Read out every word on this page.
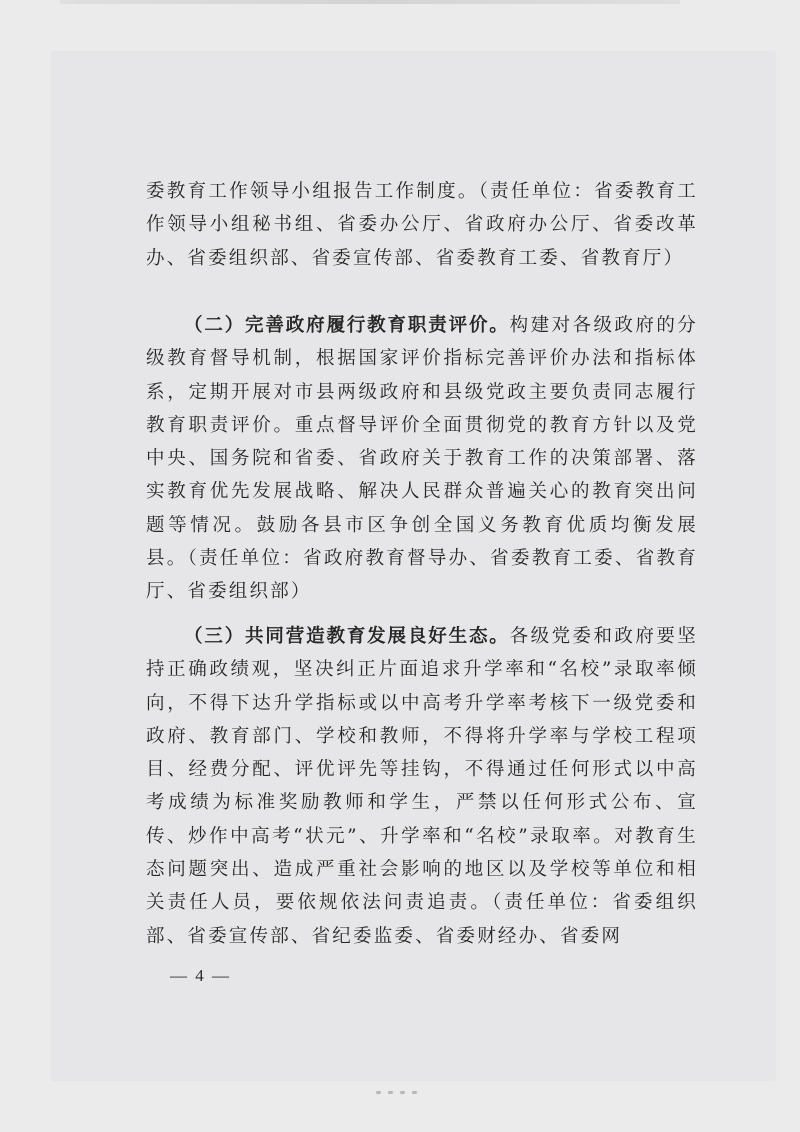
委教育工作领导小组报告工作制度。（责任单位：省委教育工作领导小组秘书组、省委办公厅、省政府办公厅、省委改革办、省委组织部、省委宣传部、省委教育工委、省教育厅）

（二）完善政府履行教育职责评价。构建对各级政府的分级教育督导机制，根据国家评价指标完善评价办法和指标体系，定期开展对市县两级政府和县级党政主要负责同志履行教育职责评价。重点督导评价全面贯彻党的教育方针以及党中央、国务院和省委、省政府关于教育工作的决策部署、落实教育优先发展战略、解决人民群众普遍关心的教育突出问题等情况。鼓励各县市区争创全国义务教育优质均衡发展县。（责任单位：省政府教育督导办、省委教育工委、省教育厅、省委组织部）

（三）共同营造教育发展良好生态。各级党委和政府要坚持正确政绩观，坚决纠正片面追求升学率和“名校”录取率倾向，不得下达升学指标或以中高考升学率考核下一级党委和政府、教育部门、学校和教师，不得将升学率与学校工程项目、经费分配、评优评先等挂钩，不得通过任何形式以中高考成绩为标准奖励教师和学生，严禁以任何形式公布、宣传、炒作中高考“状元”、升学率和“名校”录取率。对教育生态问题突出、造成严重社会影响的地区以及学校等单位和相关责任人员，要依规依法问责追责。（责任单位：省委组织部、省委宣传部、省纪委监委、省委财经办、省委网

— 4 —
